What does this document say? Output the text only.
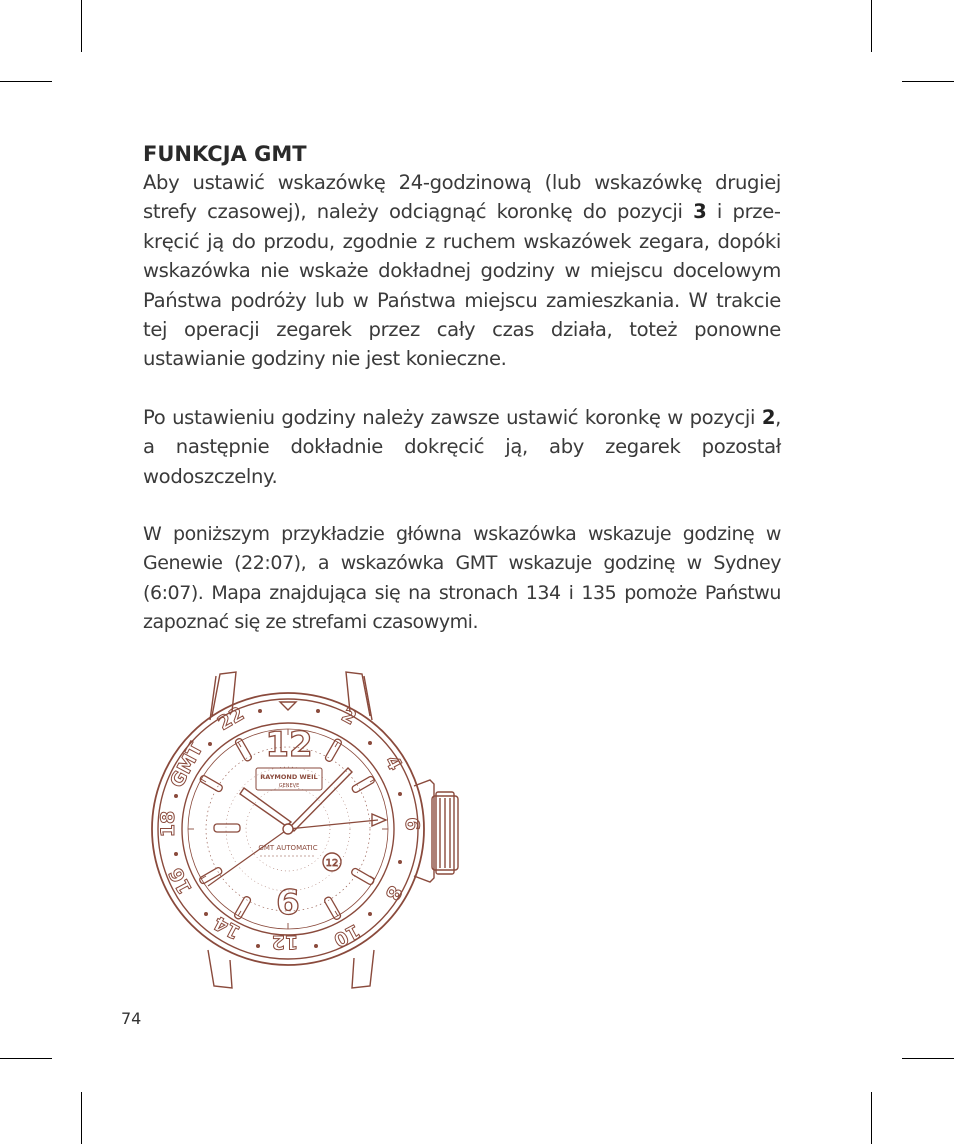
FUNKCJA GMT

Aby ustawić wskazówkę 24-godzinową (lub wskazówkę drugiej strefy czasowej), należy odciągnąć koronkę do pozycji 3 i przekręcić ją do przodu, zgodnie z ruchem wskazówek zegara, dopóki wskazówka nie wskaże dokładnej godziny w miejscu docelowym Państwa podróży lub w Państwa miejscu zamieszkania. W trakcie tej operacji zegarek przez cały czas działa, toteż ponowne ustawianie godziny nie jest konieczne.

Po ustawieniu godziny należy zawsze ustawić koronkę w pozycji 2, a następnie dokładnie dokręcić ją, aby zegarek pozostał wodoszczelny.

W poniższym przykładzie główna wskazówka wskazuje godzinę w Genewie (22:07), a wskazówka GMT wskazuje godzinę w Sydney (6:07). Mapa znajdująca się na stronach 134 i 135 pomoże Państwu zapoznać się ze strefami czasowymi.

2
4
6
8
10
12
14
16
18
22
GMT 12
6
RAYMOND WEIL
GENEVE
GMT AUTOMATIC
12
74
